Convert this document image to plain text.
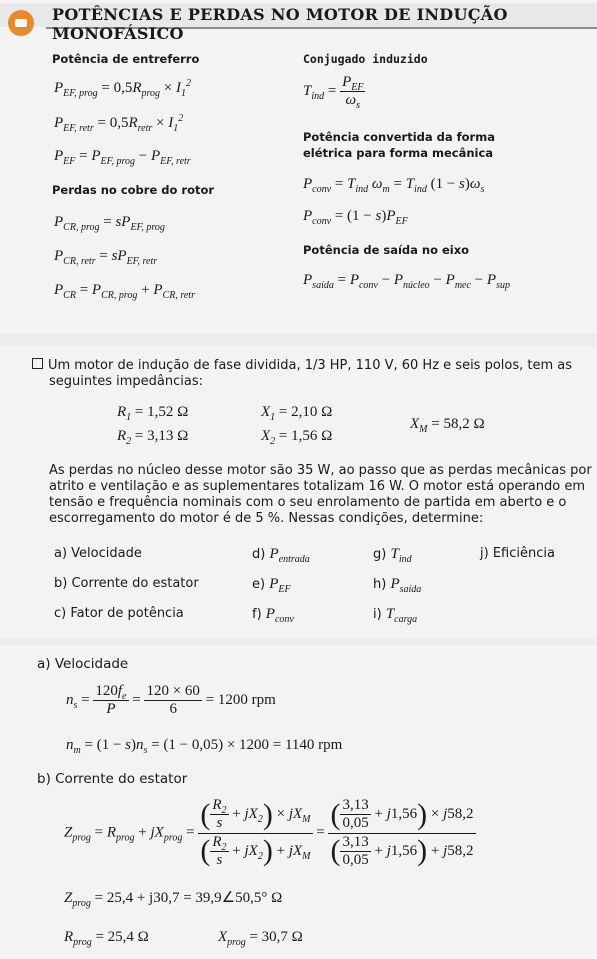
POTÊNCIAS E PERDAS NO MOTOR DE INDUÇÃO MONOFÁSICO
Potência de entreferro	Conjugado induzido
$P_{EF, prog} = 0,5R_{prog} \times I_1^2$
$P_{EF, retr} = 0,5R_{retr} \times I_1^2$
$P_{EF} = P_{EF, prog} - P_{EF, retr}$
$T_{ind} = \frac{P_{EF}}{\omega_s}$
Potência convertida da forma
elétrica para forma mecânica
Perdas no cobre do rotor	$P_{conv} = T_{ind}$ $\omega_m = T_{ind}$ $(1 - s)\omega_s$
$P_{CR, prog} = sP_{EF, prog}$
$P_{conv} = (1 - s)P_{EF}$
Potência de saída no eixo
$P_{CR, retr} = sP_{EF, retr}$
$P_{saída} = P_{conv} - P_{núcleo} - P_{mec} - P_{sup}$
$P_{CR} = P_{CR, prog} + P_{CR, retr}$
Um motor de indução de fase dividida, 1/3 HP, 110 V, 60 Hz e seis polos, tem as
seguintes impedâncias:
$R_1 = 1,52$ Ω	$X_1 = 2,10$ Ω
$R_2 = 3,13$ Ω	$X_2 = 1,56$ Ω
$X_M = 58,2$ Ω
As perdas no núcleo desse motor são 35 W, ao passo que as perdas mecânicas por
atrito e ventilação e as suplementares totalizam 16 W. O motor está operando em
tensão e frequência nominais com o seu enrolamento de partida em aberto e o
escorregamento do motor é de 5 %. Nessas condições, determine:
a) Velocidade
b) Corrente do estator
c) Fator de potência
d) $P_{entrada}$
e) $P_{EF}$
f) $P_{conv}$
g) $T_{ind}$
h) $P_{saída}$
i) $T_{carga}$
j) Eficiência
a) Velocidade
$n_s = \frac{120f_e}{P} = \frac{120 \times 60}{6} = 1200$ rpm
$n_m = (1 - s)n_s = (1 - 0,05) \times 1200 = 1140$ rpm
b) Corrente do estator
$Z_{prog} = R_{prog} + jX_{prog} = \frac{( \frac{R_2}{s} + jX_2) \times jX_M}{( \frac{R_2}{s} + jX_2) + jX_M} = \frac{( \frac{3,13}{0,05} + j1,56) \times j58,2}{( \frac{3,13}{0,05} + j1,56) + j58,2}$
$Z_{prog} = 25,4 + j30,7$ = 39,9∠50,5° Ω
$R_{prog} = 25,4$ Ω	$X_{prog} = 30,7$ Ω
